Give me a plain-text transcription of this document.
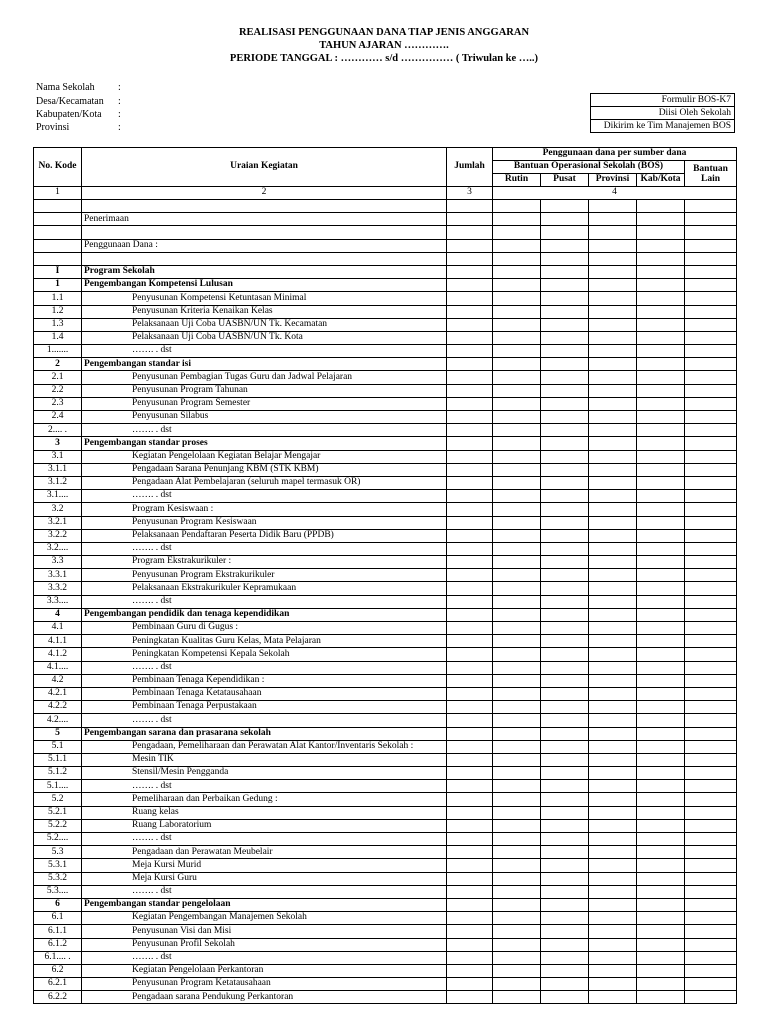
REALISASI PENGGUNAAN DANA TIAP JENIS ANGGARAN
TAHUN AJARAN ………….
PERIODE TANGGAL : ………… s/d …………… ( Triwulan ke …..)
Nama Sekolah :
Desa/Kecamatan :
Kabupaten/Kota :
Provinsi	:
Formulir BOS-K7
Diisi Oleh Sekolah
Dikirim ke Tim Manajemen BOS
No. Kode	Uraian Kegiatan	Jumlah	Penggunaan dana per sumber dana				
			Bantuan Operasional Sekolah (BOS)				Bantuan Lain
			Rutin	Pusat	Provinsi	Kab/Kota	
1	2	3	4				

	Penerimaan						

	Penggunaan Dana :						

I	Program Sekolah						
1	Pengembangan Kompetensi Lulusan						
1.1	Penyusunan Kompetensi Ketuntasan Minimal						
1.2	Penyusunan Kriteria Kenaikan Kelas						
1.3	Pelaksanaan Uji Coba UASBN/UN Tk. Kecamatan						
1.4	Pelaksanaan Uji Coba UASBN/UN Tk. Kota						
1.......	……. . dst						
2	Pengembangan standar isi						
2.1	Penyusunan Pembagian Tugas Guru dan Jadwal Pelajaran						
2.2	Penyusunan Program Tahunan						
2.3	Penyusunan Program Semester						
2.4	Penyusunan Silabus						
2.... .	……. . dst						
3	Pengembangan standar proses						
3.1	Kegiatan Pengelolaan Kegiatan Belajar Mengajar						
3.1.1	Pengadaan Sarana Penunjang KBM (STK KBM)						
3.1.2	Pengadaan Alat Pembelajaran (seluruh mapel termasuk OR)						
3.1....	……. . dst						
3.2	Program Kesiswaan :						
3.2.1	Penyusunan Program Kesiswaan						
3.2.2	Pelaksanaan Pendaftaran Peserta Didik Baru (PPDB)						
3.2....	……. . dst						
3.3	Program Ekstrakurikuler :						
3.3.1	Penyusunan Program Ekstrakurikuler						
3.3.2	Pelaksanaan Ekstrakurikuler Kepramukaan						
3.3....	……. . dst						
4	Pengembangan pendidik dan tenaga kependidikan						
4.1	Pembinaan Guru di Gugus :						
4.1.1	Peningkatan Kualitas Guru Kelas, Mata Pelajaran						
4.1.2	Peningkatan Kompetensi Kepala Sekolah						
4.1....	……. . dst						
4.2	Pembinaan Tenaga Kependidikan :						
4.2.1	Pembinaan Tenaga Ketatausahaan						
4.2.2	Pembinaan Tenaga Perpustakaan						
4.2....	……. . dst						
5	Pengembangan sarana dan prasarana sekolah						
5.1	Pengadaan, Pemeliharaan dan Perawatan Alat Kantor/Inventaris Sekolah :						
5.1.1	Mesin TIK						
5.1.2	Stensil/Mesin Pengganda						
5.1....	……. . dst						
5.2	Pemeliharaan dan Perbaikan Gedung :						
5.2.1	Ruang kelas						
5.2.2	Ruang Laboratorium						
5.2....	……. . dst						
5.3	Pengadaan dan Perawatan Meubelair						
5.3.1	Meja Kursi Murid						
5.3.2	Meja Kursi Guru						
5.3....	……. . dst						
6	Pengembangan standar pengelolaan						
6.1	Kegiatan Pengembangan Manajemen Sekolah						
6.1.1	Penyusunan Visi dan Misi						
6.1.2	Penyusunan Profil Sekolah						
6.1.... .	……. . dst						
6.2	Kegiatan Pengelolaan Perkantoran						
6.2.1	Penyusunan Program Ketatausahaan						
6.2.2	Pengadaan sarana Pendukung Perkantoran						
